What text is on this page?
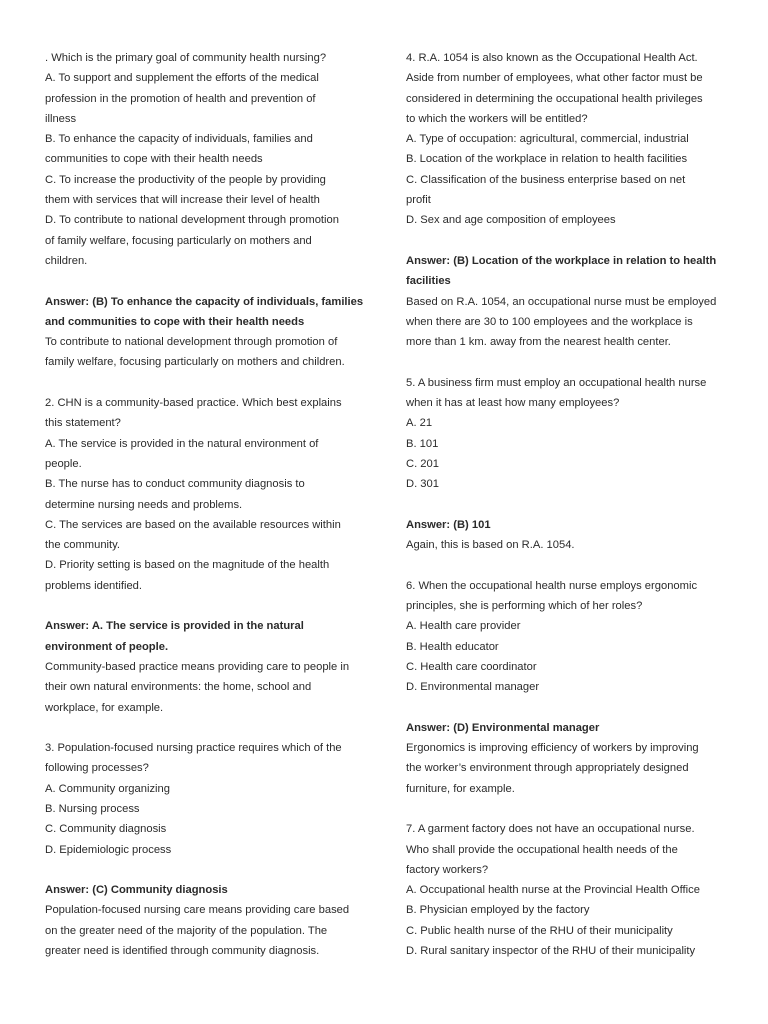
. Which is the primary goal of community health nursing?
A. To support and supplement the efforts of the medical
profession in the promotion of health and prevention of
illness
B. To enhance the capacity of individuals, families and
communities to cope with their health needs
C. To increase the productivity of the people by providing
them with services that will increase their level of health
D. To contribute to national development through promotion
of family welfare, focusing particularly on mothers and
children.
Answer: (B) To enhance the capacity of individuals, families
and communities to cope with their health needs
To contribute to national development through promotion of
family welfare, focusing particularly on mothers and children.
2. CHN is a community-based practice. Which best explains
this statement?
A. The service is provided in the natural environment of
people.
B. The nurse has to conduct community diagnosis to
determine nursing needs and problems.
C. The services are based on the available resources within
the community.
D. Priority setting is based on the magnitude of the health
problems identified.
Answer: A. The service is provided in the natural
environment of people.
Community-based practice means providing care to people in
their own natural environments: the home, school and
workplace, for example.
3. Population-focused nursing practice requires which of the
following processes?
A. Community organizing
B. Nursing process
C. Community diagnosis
D. Epidemiologic process
Answer: (C) Community diagnosis
Population-focused nursing care means providing care based
on the greater need of the majority of the population. The
greater need is identified through community diagnosis.
4. R.A. 1054 is also known as the Occupational Health Act.
Aside from number of employees, what other factor must be
considered in determining the occupational health privileges
to which the workers will be entitled?
A. Type of occupation: agricultural, commercial, industrial
B. Location of the workplace in relation to health facilities
C. Classification of the business enterprise based on net
profit
D. Sex and age composition of employees
Answer: (B) Location of the workplace in relation to health
facilities
Based on R.A. 1054, an occupational nurse must be employed
when there are 30 to 100 employees and the workplace is
more than 1 km. away from the nearest health center.
5. A business firm must employ an occupational health nurse
when it has at least how many employees?
A. 21
B. 101
C. 201
D. 301
Answer: (B) 101
Again, this is based on R.A. 1054.
6. When the occupational health nurse employs ergonomic
principles, she is performing which of her roles?
A. Health care provider
B. Health educator
C. Health care coordinator
D. Environmental manager
Answer: (D) Environmental manager
Ergonomics is improving efficiency of workers by improving
the worker’s environment through appropriately designed
furniture, for example.
7. A garment factory does not have an occupational nurse.
Who shall provide the occupational health needs of the
factory workers?
A. Occupational health nurse at the Provincial Health Office
B. Physician employed by the factory
C. Public health nurse of the RHU of their municipality
D. Rural sanitary inspector of the RHU of their municipality
